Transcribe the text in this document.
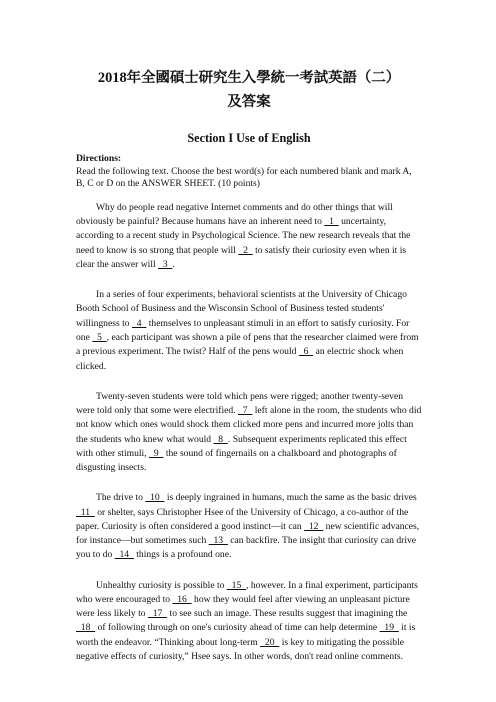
2018年全國碩士研究生入學統一考試英語（二）
及答案
Section I Use of English
Directions:
Read the following text. Choose the best word(s) for each numbered blank and mark A, B, C or D on the ANSWER SHEET. (10 points)

Why do people read negative Internet comments and do other things that will obviously be painful? Because humans have an inherent need to   1   uncertainty, according to a recent study in Psychological Science. The new research reveals that the need to know is so strong that people will   2   to satisfy their curiosity even when it is clear the answer will   3  .

In a series of four experiments, behavioral scientists at the University of Chicago Booth School of Business and the Wisconsin School of Business tested students' willingness to   4   themselves to unpleasant stimuli in an effort to satisfy curiosity. For one   5  , each participant was shown a pile of pens that the researcher claimed were from a previous experiment. The twist? Half of the pens would   6   an electric shock when clicked.

Twenty-seven students were told which pens were rigged; another twenty-seven were told only that some were electrified.   7   left alone in the room, the students who did not know which ones would shock them clicked more pens and incurred more jolts than the students who knew what would   8  . Subsequent experiments replicated this effect with other stimuli,   9   the sound of fingernails on a chalkboard and photographs of disgusting insects.

The drive to   10   is deeply ingrained in humans, much the same as the basic drives   11   or shelter, says Christopher Hsee of the University of Chicago, a co-author of the paper. Curiosity is often considered a good instinct—it can   12   new scientific advances, for instance—but sometimes such   13   can backfire. The insight that curiosity can drive you to do   14   things is a profound one.

Unhealthy curiosity is possible to   15  , however. In a final experiment, participants who were encouraged to   16   how they would feel after viewing an unpleasant picture were less likely to   17   to see such an image. These results suggest that imagining the   18   of following through on one's curiosity ahead of time can help determine   19   it is worth the endeavor. “Thinking about long-term   20   is key to mitigating the possible negative effects of curiosity,” Hsee says. In other words, don't read online comments.
